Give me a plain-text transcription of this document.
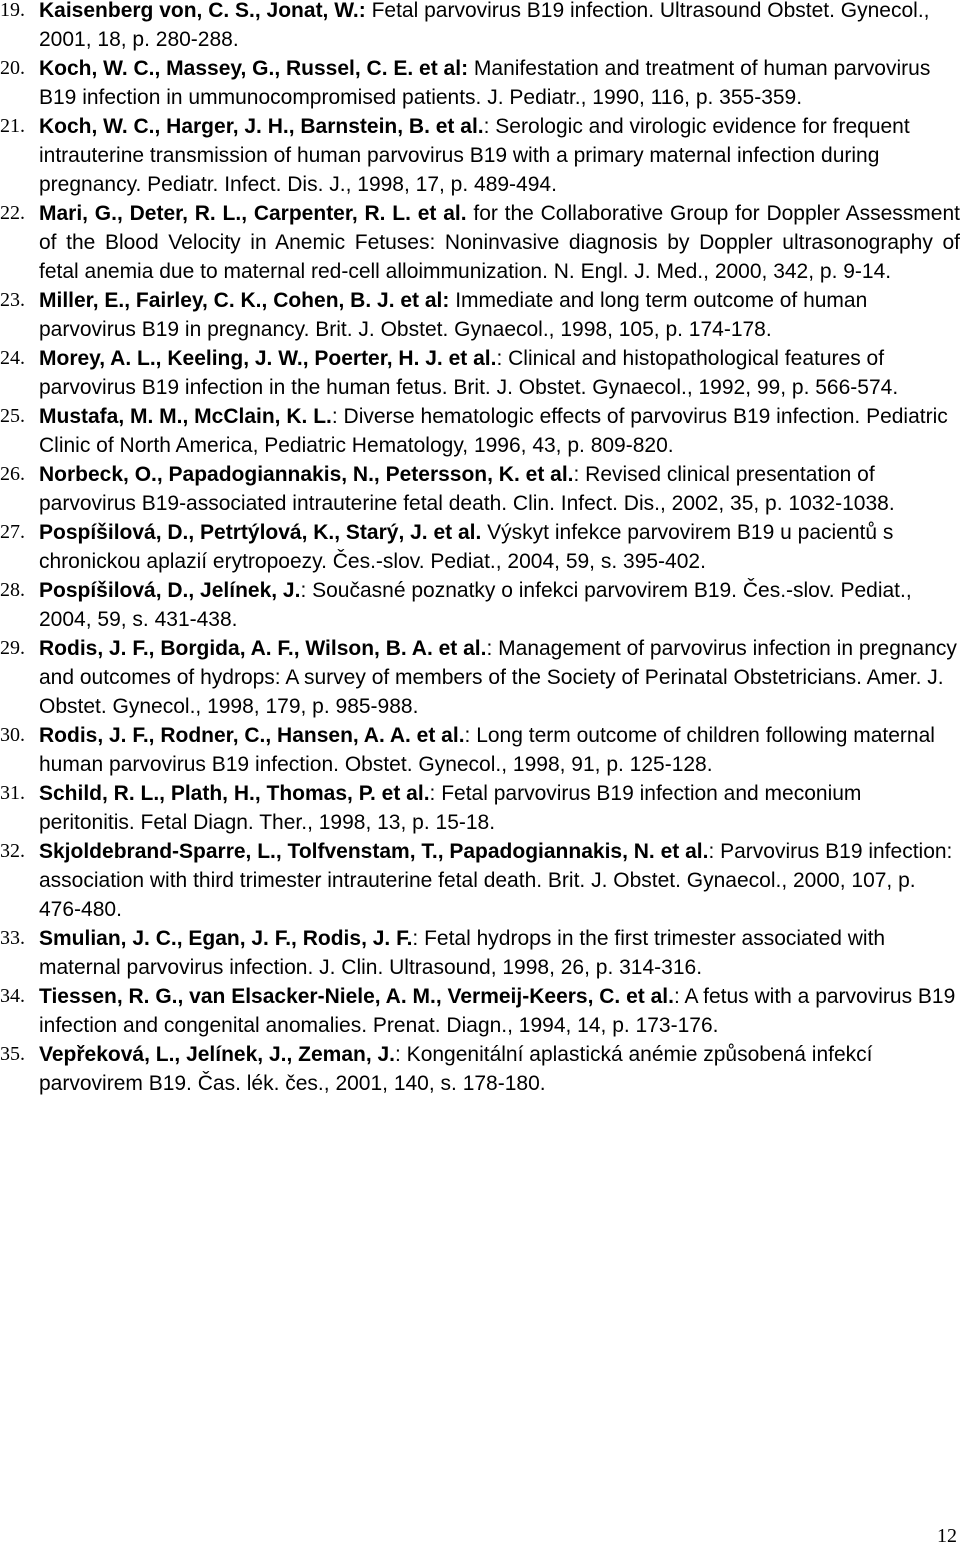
19. Kaisenberg von, C. S., Jonat, W.: Fetal parvovirus B19 infection. Ultrasound Obstet. Gynecol., 2001, 18, p. 280-288.
20. Koch, W. C., Massey, G., Russel, C. E. et al: Manifestation and treatment of human parvovirus B19 infection in ummunocompromised patients. J. Pediatr., 1990, 116, p. 355-359.
21. Koch, W. C., Harger, J. H., Barnstein, B. et al.: Serologic and virologic evidence for frequent intrauterine transmission of human parvovirus B19 with a primary maternal infection during pregnancy. Pediatr. Infect. Dis. J., 1998, 17, p. 489-494.
22. Mari, G., Deter, R. L., Carpenter, R. L. et al. for the Collaborative Group for Doppler Assessment of the Blood Velocity in Anemic Fetuses: Noninvasive diagnosis by Doppler ultrasonography of fetal anemia due to maternal red-cell alloimmunization. N. Engl. J. Med., 2000, 342, p. 9-14.
23. Miller, E., Fairley, C. K., Cohen, B. J. et al: Immediate and long term outcome of human parvovirus B19 in pregnancy. Brit. J. Obstet. Gynaecol., 1998, 105, p. 174-178.
24. Morey, A. L., Keeling, J. W., Poerter, H. J. et al.: Clinical and histopathological features of parvovirus B19 infection in the human fetus. Brit. J. Obstet. Gynaecol., 1992, 99, p. 566-574.
25. Mustafa, M. M., McClain, K. L.: Diverse hematologic effects of parvovirus B19 infection. Pediatric Clinic of North America, Pediatric Hematology, 1996, 43, p. 809-820.
26. Norbeck, O., Papadogiannakis, N., Petersson, K. et al.: Revised clinical presentation of parvovirus B19-associated intrauterine fetal death. Clin. Infect. Dis., 2002, 35, p. 1032-1038.
27. Pospíšilová, D., Petrtýlová, K., Starý, J. et al. Výskyt infekce parvovirem B19 u pacientů s chronickou aplazií erytropoezy. Čes.-slov. Pediat., 2004, 59, s. 395-402.
28. Pospíšilová, D., Jelínek, J.: Současné poznatky o infekci parvovirem B19. Čes.-slov. Pediat., 2004, 59, s. 431-438.
29. Rodis, J. F., Borgida, A. F., Wilson, B. A. et al.: Management of parvovirus infection in pregnancy and outcomes of hydrops: A survey of members of the Society of Perinatal Obstetricians. Amer. J. Obstet. Gynecol., 1998, 179, p. 985-988.
30. Rodis, J. F., Rodner, C., Hansen, A. A. et al.: Long term outcome of children following maternal human parvovirus B19 infection. Obstet. Gynecol., 1998, 91, p. 125-128.
31. Schild, R. L., Plath, H., Thomas, P. et al.: Fetal parvovirus B19 infection and meconium peritonitis. Fetal Diagn. Ther., 1998, 13, p. 15-18.
32. Skjoldebrand-Sparre, L., Tolfvenstam, T., Papadogiannakis, N. et al.: Parvovirus B19 infection: association with third trimester intrauterine fetal death. Brit. J. Obstet. Gynaecol., 2000, 107, p. 476-480.
33. Smulian, J. C., Egan, J. F., Rodis, J. F.: Fetal hydrops in the first trimester associated with maternal parvovirus infection. J. Clin. Ultrasound, 1998, 26, p. 314-316.
34. Tiessen, R. G., van Elsacker-Niele, A. M., Vermeij-Keers, C. et al.: A fetus with a parvovirus B19 infection and congenital anomalies. Prenat. Diagn., 1994, 14, p. 173-176.
35. Vepřeková, L., Jelínek, J., Zeman, J.: Kongenitální aplastická anémie způsobená infekcí parvovirem B19. Čas. lék. čes., 2001, 140, s. 178-180.
12
